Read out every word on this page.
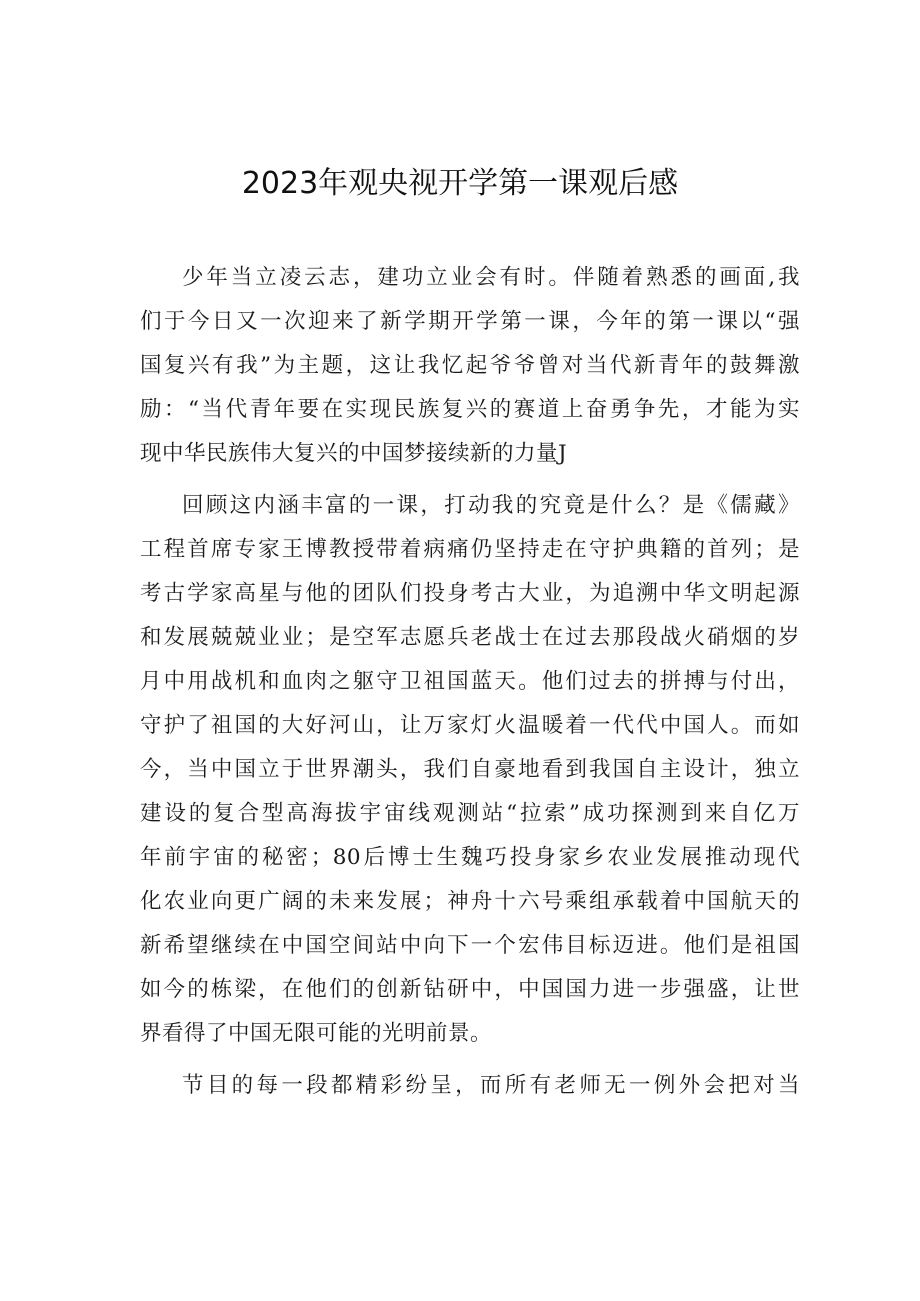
2023年观央视开学第一课观后感
少年当立凌云志，建功立业会有时。伴随着熟悉的画面,我
们于今日又一次迎来了新学期开学第一课，今年的第一课以“强
国复兴有我”为主题，这让我忆起爷爷曾对当代新青年的鼓舞激
励：“当代青年要在实现民族复兴的赛道上奋勇争先，才能为实
现中华民族伟大复兴的中国梦接续新的力量J
回顾这内涵丰富的一课，打动我的究竟是什么？是《儒藏》
工程首席专家王博教授带着病痛仍坚持走在守护典籍的首列；是
考古学家高星与他的团队们投身考古大业，为追溯中华文明起源
和发展兢兢业业；是空军志愿兵老战士在过去那段战火硝烟的岁
月中用战机和血肉之躯守卫祖国蓝天。他们过去的拼搏与付出，
守护了祖国的大好河山，让万家灯火温暖着一代代中国人。而如
今，当中国立于世界潮头，我们自豪地看到我国自主设计，独立
建设的复合型高海拔宇宙线观测站“拉索”成功探测到来自亿万
年前宇宙的秘密；80后博士生魏巧投身家乡农业发展推动现代
化农业向更广阔的未来发展；神舟十六号乘组承载着中国航天的
新希望继续在中国空间站中向下一个宏伟目标迈进。他们是祖国
如今的栋梁，在他们的创新钻研中，中国国力进一步强盛，让世
界看得了中国无限可能的光明前景。
节目的每一段都精彩纷呈，而所有老师无一例外会把对当
